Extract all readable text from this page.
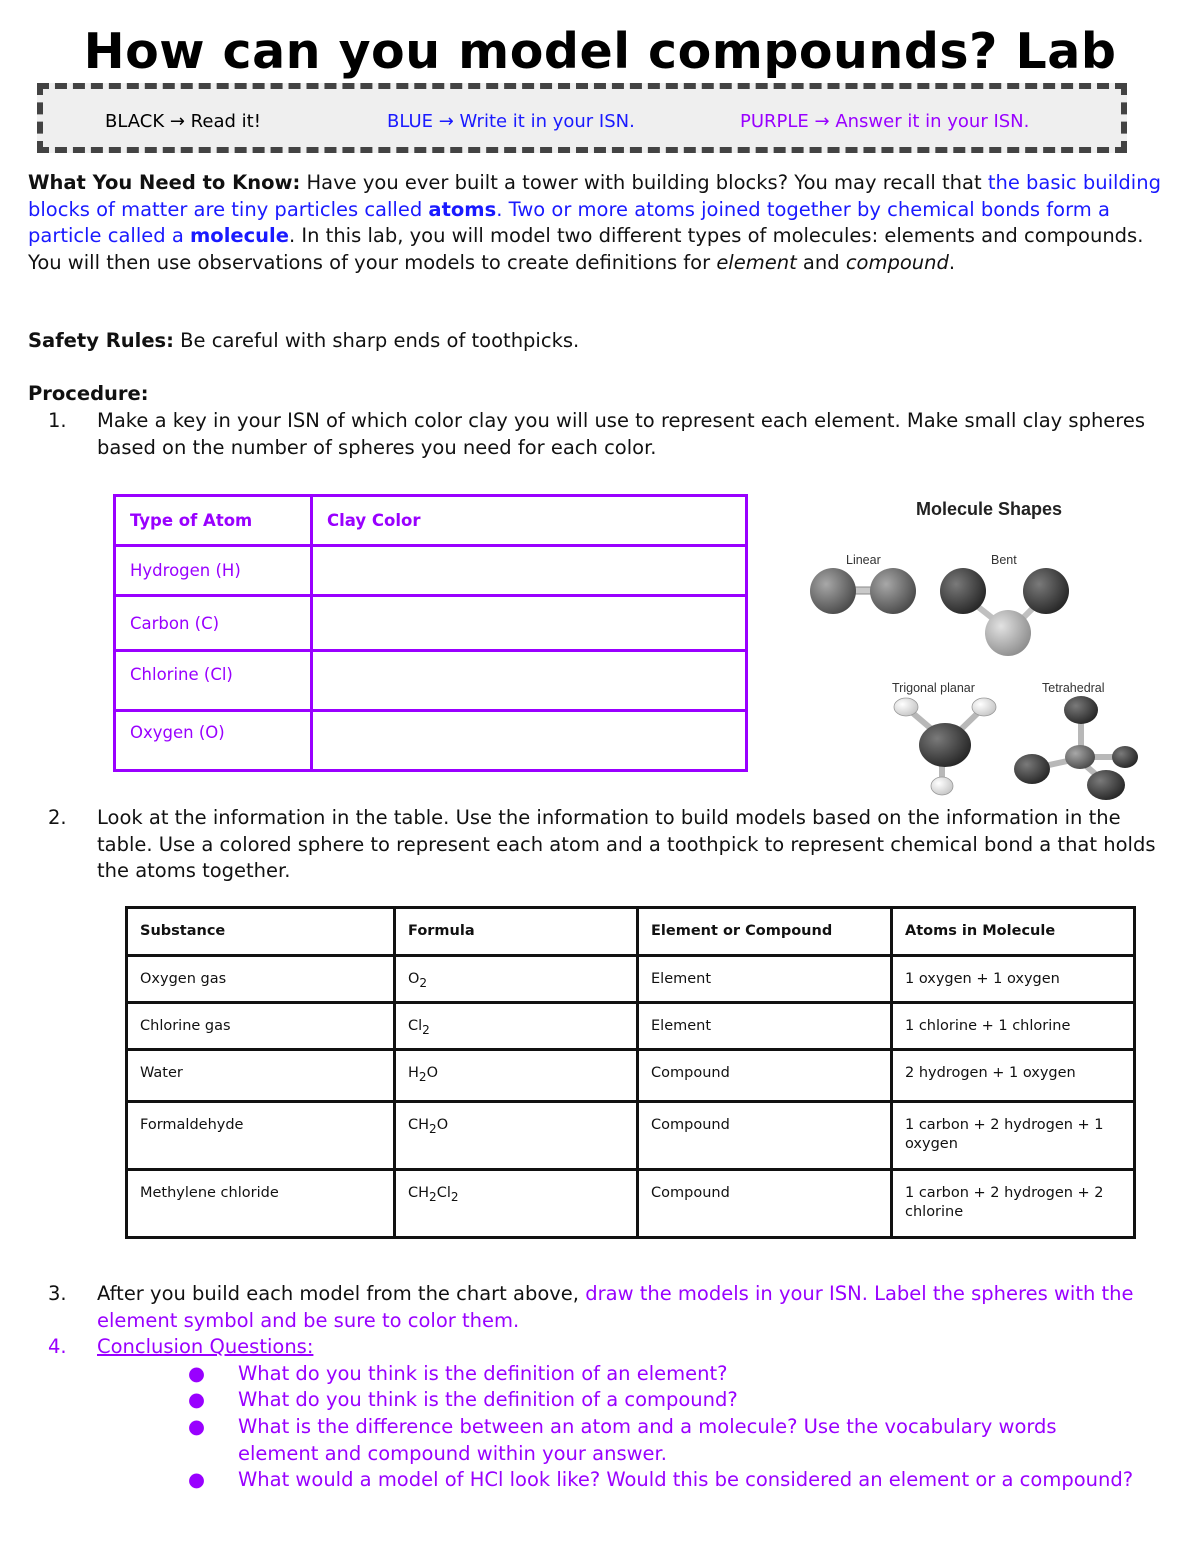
How can you model compounds? Lab
BLACK → Read it!	BLUE → Write it in your ISN.	PURPLE → Answer it in your ISN.
What You Need to Know: Have you ever built a tower with building blocks? You may recall that the basic building blocks of matter are tiny particles called atoms. Two or more atoms joined together by chemical bonds form a particle called a molecule. In this lab, you will model two different types of molecules: elements and compounds. You will then use observations of your models to create definitions for element and compound.
Safety Rules: Be careful with sharp ends of toothpicks.
Procedure:
1. Make a key in your ISN of which color clay you will use to represent each element. Make small clay spheres based on the number of spheres you need for each color.
Type of Atom	Clay Color
Hydrogen (H)	
Carbon (C)	
Chlorine (Cl)	
Oxygen (O)	
Molecule Shapes
Linear	Bent
Trigonal planar	Tetrahedral
2. Look at the information in the table. Use the information to build models based on the information in the table. Use a colored sphere to represent each atom and a toothpick to represent chemical bond a that holds the atoms together.
Substance	Formula	Element or Compound	Atoms in Molecule
Oxygen gas	$O_2$	Element	1 oxygen + 1 oxygen
Chlorine gas	$Cl_2$	Element	1 chlorine + 1 chlorine
Water	$H_2O$	Compound	2 hydrogen + 1 oxygen
Formaldehyde	$CH_2O$	Compound	1 carbon + 2 hydrogen + 1 oxygen
Methylene chloride	$CH_2Cl_2$	Compound	1 carbon + 2 hydrogen + 2 chlorine
3. After you build each model from the chart above, draw the models in your ISN. Label the spheres with the element symbol and be sure to color them.
4. Conclusion Questions:
● What do you think is the definition of an element?
● What do you think is the definition of a compound?
● What is the difference between an atom and a molecule? Use the vocabulary words element and compound within your answer.
● What would a model of HCl look like? Would this be considered an element or a compound?
